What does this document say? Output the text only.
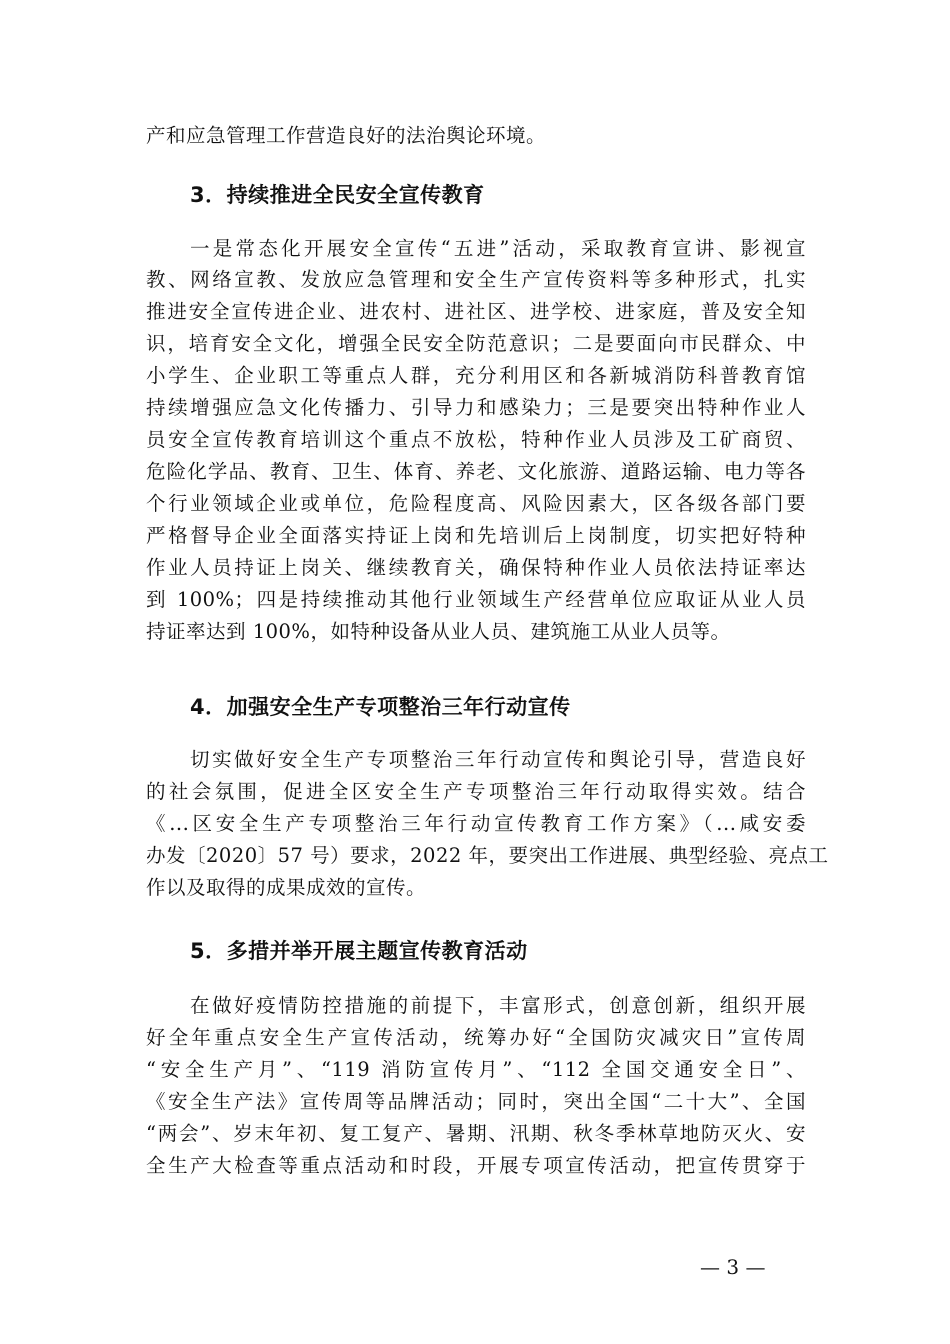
产和应急管理工作营造良好的法治舆论环境。
3．持续推进全民安全宣传教育
一是常态化开展安全宣传“五进”活动，采取教育宣讲、影视宣
教、网络宣教、发放应急管理和安全生产宣传资料等多种形式，扎实
推进安全宣传进企业、进农村、进社区、进学校、进家庭，普及安全知
识，培育安全文化，增强全民安全防范意识；二是要面向市民群众、中
小学生、企业职工等重点人群，充分利用区和各新城消防科普教育馆
持续增强应急文化传播力、引导力和感染力；三是要突出特种作业人
员安全宣传教育培训这个重点不放松，特种作业人员涉及工矿商贸、
危险化学品、教育、卫生、体育、养老、文化旅游、道路运输、电力等各
个行业领域企业或单位，危险程度高、风险因素大，区各级各部门要
严格督导企业全面落实持证上岗和先培训后上岗制度，切实把好特种
作业人员持证上岗关、继续教育关，确保特种作业人员依法持证率达
到 100%；四是持续推动其他行业领域生产经营单位应取证从业人员
持证率达到 100%，如特种设备从业人员、建筑施工从业人员等。
4．加强安全生产专项整治三年行动宣传
切实做好安全生产专项整治三年行动宣传和舆论引导，营造良好
的社会氛围，促进全区安全生产专项整治三年行动取得实效。结合
《...区安全生产专项整治三年行动宣传教育工作方案》（...咸安委
办发〔2020〕57 号）要求，2022 年，要突出工作进展、典型经验、亮点工
作以及取得的成果成效的宣传。
5．多措并举开展主题宣传教育活动
在做好疫情防控措施的前提下，丰富形式，创意创新，组织开展
好全年重点安全生产宣传活动，统筹办好“全国防灾减灾日”宣传周
“安全生产月”、“119 消防宣传月”、“112 全国交通安全日”、
《安全生产法》宣传周等品牌活动；同时，突出全国“二十大”、全国
“两会”、岁末年初、复工复产、暑期、汛期、秋冬季林草地防灭火、安
全生产大检查等重点活动和时段，开展专项宣传活动，把宣传贯穿于
— 3 —
